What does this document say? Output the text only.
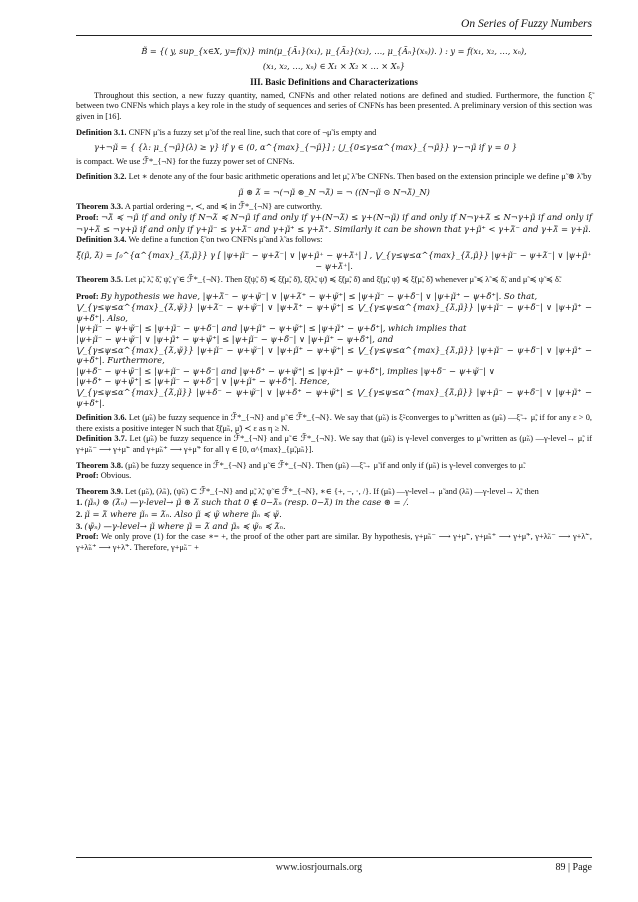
On Series of Fuzzy Numbers
B̃ = {( y, sup_{x∈X, y=f(x)} min(μ_{Ã₁}(x₁), μ_{Ã₂}(x₂), …, μ_{Ãₙ}(xₙ)). ) : y = f(x₁, x₂, …, xₙ),
(x₁, x₂, …, xₙ) ∈ X₁ × X₂ × … × Xₙ}
III. Basic Definitions and Characterizations

Throughout this section, a new fuzzy quantity, named, CNFNs and other related notions are defined and studied. Furthermore, the function ξ̃ between two CNFNs which plays a key role in the study of sequences and series of CNFNs has been presented. A preliminary version of this section was given in [16].

Definition 3.1. CNFN μ̃ is a fuzzy set μ̃ of the real line, such that core of ¬μ̃ is empty and

γ+¬μ̃ = { {λ: μ_{¬μ̃}(λ) ≥ γ} if γ ∈ (0, α^{max}_{¬μ̃}] ; ⋃_{0≤γ≤α^{max}_{¬μ̃}} γ−¬μ̃ if γ = 0 }

is compact. We use ℱ̃*_{¬N} for the fuzzy power set of CNFNs.

Definition 3.2. Let ∗ denote any of the four basic arithmetic operations and let μ̃, λ̃ be CNFNs. Then based on the extension principle we define μ̃ ⊛ λ̃ by

μ̃ ⊛ λ̃ = ¬(¬μ̃ ⊛_N ¬λ̃) = ¬ ((N¬μ̃ ⊙ N¬λ̃)_N)

Theorem 3.3. A partial ordering =, ≺, and ≼ in ℱ̃*_{¬N} are cutworthy.

Proof: ¬λ̃ ≼ ¬μ̃ if and only if N¬λ̃ ≼ N¬μ̃ if and only if γ+(N¬λ̃) ≤ γ+(N¬μ̃) if and only if N¬γ+λ̃ ≤ N¬γ+μ̃ if and only if ¬γ+λ̃ ≤ ¬γ+μ̃ if and only if γ+μ̃⁻ ≤ γ+λ̃⁻ and γ+μ̃⁺ ≤ γ+λ̃⁺. Similarly it can be shown that γ+μ̃⁺ < γ+λ̃⁻ and γ+λ̃ = γ+μ̃.

Definition 3.4. We define a function ξ̃ on two CNFNs μ̃ and λ̃ as follows:

ξ̃(μ̃, λ̃) = ∫₀^{α^{max}_{λ̃,μ̃}} γ [ |ψ+μ̃⁻ − ψ+λ̃⁻| ∨ |ψ+μ̃⁺ − ψ+λ̃⁺| ] , ⋁_{γ≤ψ≤α^{max}_{λ̃,μ̃}} |ψ+μ̃⁻ − ψ+λ̃⁻| ∨ |ψ+μ̃⁺ − ψ+λ̃⁺|.

Theorem 3.5. Let μ̃, λ̃, δ̃, ψ̃, γ̃ ∈ ℱ̃*_{¬N}. Then ξ̃(ψ̃, δ̃) ≼ ξ̃(μ̃, δ̃), ξ̃(λ̃, ψ̃) ≼ ξ̃(μ̃, δ̃) and ξ̃(μ̃, ψ̃) ≼ ξ̃(μ̃, δ̃) whenever μ̃ ≼ λ̃ ≼ δ̃, and μ̃ ≼ ψ̃ ≼ δ̃.

Proof: By hypothesis we have, |ψ+λ̃⁻ − ψ+ψ̃⁻| ∨ |ψ+λ̃⁺ − ψ+ψ̃⁺| ≤ |ψ+μ̃⁻ − ψ+δ̃⁻| ∨ |ψ+μ̃⁺ − ψ+δ̃⁺|. So that,

⋁_{γ≤ψ≤α^{max}_{λ̃,ψ̃}} |ψ+λ̃⁻ − ψ+ψ̃⁻| ∨ |ψ+λ̃⁺ − ψ+ψ̃⁺| ≤ ⋁_{γ≤ψ≤α^{max}_{λ̃,μ̃}} |ψ+μ̃⁻ − ψ+δ̃⁻| ∨ |ψ+μ̃⁺ − ψ+δ̃⁺|. Also,

|ψ+μ̃⁻ − ψ+ψ̃⁻| ≤ |ψ+μ̃⁻ − ψ+δ̃⁻| and |ψ+μ̃⁺ − ψ+ψ̃⁺| ≤ |ψ+μ̃⁺ − ψ+δ̃⁺|, which implies that

|ψ+μ̃⁻ − ψ+ψ̃⁻| ∨ |ψ+μ̃⁺ − ψ+ψ̃⁺| ≤ |ψ+μ̃⁻ − ψ+δ̃⁻| ∨ |ψ+μ̃⁺ − ψ+δ̃⁺|, and

⋁_{γ≤ψ≤α^{max}_{λ̃,ψ̃}} |ψ+μ̃⁻ − ψ+ψ̃⁻| ∨ |ψ+μ̃⁺ − ψ+ψ̃⁺| ≤ ⋁_{γ≤ψ≤α^{max}_{λ̃,μ̃}} |ψ+μ̃⁻ − ψ+δ̃⁻| ∨ |ψ+μ̃⁺ − ψ+δ̃⁺|. Furthermore,

|ψ+δ̃⁻ − ψ+ψ̃⁻| ≤ |ψ+μ̃⁻ − ψ+δ̃⁻| and |ψ+δ̃⁺ − ψ+ψ̃⁺| ≤ |ψ+μ̃⁺ − ψ+δ̃⁺|, implies |ψ+δ̃⁻ − ψ+ψ̃⁻| ∨

|ψ+δ̃⁺ − ψ+ψ̃⁺| ≤ |ψ+μ̃⁻ − ψ+δ̃⁻| ∨ |ψ+μ̃⁺ − ψ+δ̃⁺|. Hence,

⋁_{γ≤ψ≤α^{max}_{λ̃,μ̃}} |ψ+δ̃⁻ − ψ+ψ̃⁻| ∨ |ψ+δ̃⁺ − ψ+ψ̃⁺| ≤ ⋁_{γ≤ψ≤α^{max}_{λ̃,μ̃}} |ψ+μ̃⁻ − ψ+δ̃⁻| ∨ |ψ+μ̃⁺ − ψ+δ̃⁺|.

Definition 3.6. Let (μ̃ₙ) be fuzzy sequence in ℱ̃*_{¬N} and μ̃ ∈ ℱ̃*_{¬N}. We say that (μ̃ₙ) is ξ̃-converges to μ̃ written as (μ̃ₙ) —ξ̃→ μ̃, if for any ε > 0, there exists a positive integer N such that ξ̃(μ̃ₙ, μ̃) ≺ ε as η ≥ N.

Definition 3.7. Let (μ̃ₙ) be fuzzy sequence in ℱ̃*_{¬N} and μ̃ ∈ ℱ̃*_{¬N}. We say that (μ̃ₙ) is γ-level converges to μ̃ written as (μ̃ₙ) —γ-level→ μ̃, if γ+μ̃ₙ⁻ ⟶ γ+μ̃⁻ and γ+μ̃ₙ⁺ ⟶ γ+μ̃⁺ for all γ ∈ [0, α^{max}_{μ̃,μ̃ₙ}].

Theorem 3.8. (μ̃ₙ) be fuzzy sequence in ℱ̃*_{¬N} and μ̃ ∈ ℱ̃*_{¬N}. Then (μ̃ₙ) —ξ̃→ μ̃ if and only if (μ̃ₙ) is γ-level converges to μ̃.

Proof: Obvious.

Theorem 3.9. Let (μ̃ₙ), (λ̃ₙ), (ψ̃ₙ) ⊂ ℱ̃*_{¬N} and μ̃, λ̃, ψ̃ ∈ ℱ̃*_{¬N}, ∗∈ {+, −, ·, /}. If (μ̃ₙ) —γ-level→ μ̃ and (λ̃ₙ) —γ-level→ λ̃, then

1. (μ̃ₙ) ⊛ (λ̃ₙ) —γ-level→ μ̃ ⊛ λ̃ such that 0 ∉ 0−λ̃ₙ (resp. 0−λ̃) in the case ⊛ = ⧸.

2. μ̃ = λ̃ where μ̃ₙ = λ̃ₙ. Also μ̃ ≼ ψ̃ where μ̃ₙ ≼ ψ̃.

3. (ψ̃ₙ) —γ-level→ μ̃ where μ̃ = λ̃ and μ̃ₙ ≼ ψ̃ₙ ≼ λ̃ₙ.

Proof: We only prove (1) for the case ∗= +, the proof of the other part are similar. By hypothesis, γ+μ̃ₙ⁻ ⟶ γ+μ̃⁻, γ+μ̃ₙ⁺ ⟶ γ+μ̃⁺, γ+λ̃ₙ⁻ ⟶ γ+λ̃⁻, γ+λ̃ₙ⁺ ⟶ γ+λ̃⁺. Therefore, γ+μ̃ₙ⁻ +

www.iosrjournals.org	89 | Page
